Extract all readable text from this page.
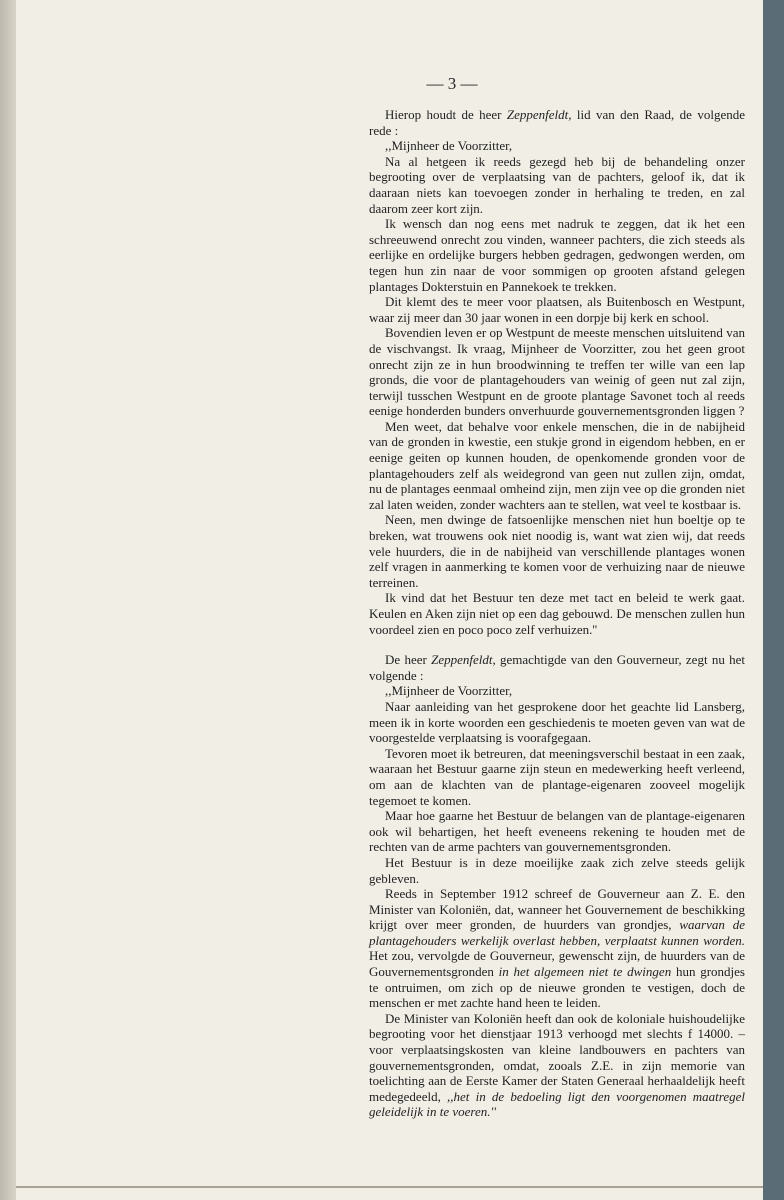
— 3 —

Hierop houdt de heer Zeppenfeldt, lid van den Raad, de volgende rede :

,,Mijnheer de Voorzitter,

Na al hetgeen ik reeds gezegd heb bij de behandeling onzer begrooting over de verplaatsing van de pachters, geloof ik, dat ik daaraan niets kan toevoegen zonder in herhaling te treden, en zal daarom zeer kort zijn.

Ik wensch dan nog eens met nadruk te zeggen, dat ik het een schreeuwend onrecht zou vinden, wanneer pachters, die zich steeds als eerlijke en ordelijke burgers hebben gedragen, gedwongen werden, om tegen hun zin naar de voor sommigen op grooten afstand gelegen plantages Dokterstuin en Pannekoek te trekken.

Dit klemt des te meer voor plaatsen, als Buitenbosch en Westpunt, waar zij meer dan 30 jaar wonen in een dorpje bij kerk en school.

Bovendien leven er op Westpunt de meeste menschen uitsluitend van de vischvangst. Ik vraag, Mijnheer de Voorzitter, zou het geen groot onrecht zijn ze in hun broodwinning te treffen ter wille van een lap gronds, die voor de plantagehouders van weinig of geen nut zal zijn, terwijl tusschen Westpunt en de groote plantage Savonet toch al reeds eenige honderden bunders onverhuurde gouvernementsgronden liggen ?

Men weet, dat behalve voor enkele menschen, die in de nabijheid van de gronden in kwestie, een stukje grond in eigendom hebben, en er eenige geiten op kunnen houden, de openkomende gronden voor de plantagehouders zelf als weidegrond van geen nut zullen zijn, omdat, nu de plantages eenmaal omheind zijn, men zijn vee op die gronden niet zal laten weiden, zonder wachters aan te stellen, wat veel te kostbaar is.

Neen, men dwinge de fatsoenlijke menschen niet hun boeltje op te breken, wat trouwens ook niet noodig is, want wat zien wij, dat reeds vele huurders, die in de nabijheid van verschillende plantages wonen zelf vragen in aanmerking te komen voor de verhuizing naar de nieuwe terreinen.

Ik vind dat het Bestuur ten deze met tact en beleid te werk gaat. Keulen en Aken zijn niet op een dag gebouwd. De menschen zullen hun voordeel zien en poco poco zelf verhuizen.''

De heer Zeppenfeldt, gemachtigde van den Gouverneur, zegt nu het volgende :

,,Mijnheer de Voorzitter,

Naar aanleiding van het gesprokene door het geachte lid Lansberg, meen ik in korte woorden een geschiedenis te moeten geven van wat de voorgestelde verplaatsing is voorafgegaan.

Tevoren moet ik betreuren, dat meeningsverschil bestaat in een zaak, waaraan het Bestuur gaarne zijn steun en medewerking heeft verleend, om aan de klachten van de plantage-eigenaren zooveel mogelijk tegemoet te komen.

Maar hoe gaarne het Bestuur de belangen van de plantage-eigenaren ook wil behartigen, het heeft eveneens rekening te houden met de rechten van de arme pachters van gouvernementsgronden.

Het Bestuur is in deze moeilijke zaak zich zelve steeds gelijk gebleven.

Reeds in September 1912 schreef de Gouverneur aan Z. E. den Minister van Koloniën, dat, wanneer het Gouvernement de beschikking krijgt over meer gronden, de huurders van grondjes, waarvan de plantagehouders werkelijk overlast hebben, verplaatst kunnen worden. Het zou, vervolgde de Gouverneur, gewenscht zijn, de huurders van de Gouvernementsgronden in het algemeen niet te dwingen hun grondjes te ontruimen, om zich op de nieuwe gronden te vestigen, doch de menschen er met zachte hand heen te leiden.

De Minister van Koloniën heeft dan ook de koloniale huishoudelijke begrooting voor het dienstjaar 1913 verhoogd met slechts f 14000. – voor verplaatsingskosten van kleine landbouwers en pachters van gouvernementsgronden, omdat, zooals Z.E. in zijn memorie van toelichting aan de Eerste Kamer der Staten Generaal herhaaldelijk heeft medegedeeld, ,,het in de bedoeling ligt den voorgenomen maatregel geleidelijk in te voeren.''
